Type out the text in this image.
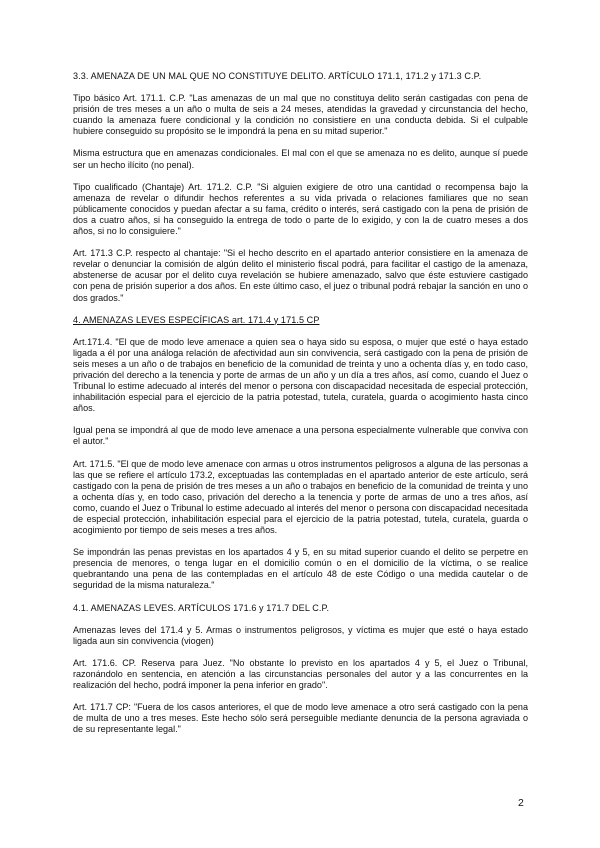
3.3. AMENAZA DE UN MAL QUE NO CONSTITUYE DELITO. ARTÍCULO 171.1, 171.2 y 171.3 C.P.

Tipo básico Art. 171.1. C.P. "Las amenazas de un mal que no constituya delito serán castigadas con pena de prisión de tres meses a un año o multa de seis a 24 meses, atendidas la gravedad y circunstancia del hecho, cuando la amenaza fuere condicional y la condición no consistiere en una conducta debida. Si el culpable hubiere conseguido su propósito se le impondrá la pena en su mitad superior."

Misma estructura que en amenazas condicionales. El mal con el que se amenaza no es delito, aunque sí puede ser un hecho ilícito (no penal).

Tipo cualificado (Chantaje) Art. 171.2. C.P. "Si alguien exigiere de otro una cantidad o recompensa bajo la amenaza de revelar o difundir hechos referentes a su vida privada o relaciones familiares que no sean públicamente conocidos y puedan afectar a su fama, crédito o interés, será castigado con la pena de prisión de dos a cuatro años, si ha conseguido la entrega de todo o parte de lo exigido, y con la de cuatro meses a dos años, si no lo consiguiere."

Art. 171.3 C.P. respecto al chantaje: "Si el hecho descrito en el apartado anterior consistiere en la amenaza de revelar o denunciar la comisión de algún delito el ministerio fiscal podrá, para facilitar el castigo de la amenaza, abstenerse de acusar por el delito cuya revelación se hubiere amenazado, salvo que éste estuviere castigado con pena de prisión superior a dos años. En este último caso, el juez o tribunal podrá rebajar la sanción en uno o dos grados."

4. AMENAZAS LEVES ESPECÍFICAS art. 171.4 y 171.5 CP

Art.171.4. "El que de modo leve amenace a quien sea o haya sido su esposa, o mujer que esté o haya estado ligada a él por una análoga relación de afectividad aun sin convivencia, será castigado con la pena de prisión de seis meses a un año o de trabajos en beneficio de la comunidad de treinta y uno a ochenta días y, en todo caso, privación del derecho a la tenencia y porte de armas de un año y un día a tres años, así como, cuando el Juez o Tribunal lo estime adecuado al interés del menor o persona con discapacidad necesitada de especial protección, inhabilitación especial para el ejercicio de la patria potestad, tutela, curatela, guarda o acogimiento hasta cinco años.

Igual pena se impondrá al que de modo leve amenace a una persona especialmente vulnerable que conviva con el autor."

Art. 171.5. "El que de modo leve amenace con armas u otros instrumentos peligrosos a alguna de las personas a las que se refiere el artículo 173.2, exceptuadas las contempladas en el apartado anterior de este artículo, será castigado con la pena de prisión de tres meses a un año o trabajos en beneficio de la comunidad de treinta y uno a ochenta días y, en todo caso, privación del derecho a la tenencia y porte de armas de uno a tres años, así como, cuando el Juez o Tribunal lo estime adecuado al interés del menor o persona con discapacidad necesitada de especial protección, inhabilitación especial para el ejercicio de la patria potestad, tutela, curatela, guarda o acogimiento por tiempo de seis meses a tres años.

Se impondrán las penas previstas en los apartados 4 y 5, en su mitad superior cuando el delito se perpetre en presencia de menores, o tenga lugar en el domicilio común o en el domicilio de la víctima, o se realice quebrantando una pena de las contempladas en el artículo 48 de este Código o una medida cautelar o de seguridad de la misma naturaleza."

4.1. AMENAZAS LEVES. ARTÍCULOS 171.6 y 171.7 DEL C.P.

Amenazas leves del 171.4 y 5. Armas o instrumentos peligrosos, y víctima es mujer que esté o haya estado ligada aun sin convivencia (viogen)

Art. 171.6. CP. Reserva para Juez. "No obstante lo previsto en los apartados 4 y 5, el Juez o Tribunal, razonándolo en sentencia, en atención a las circunstancias personales del autor y a las concurrentes en la realización del hecho, podrá imponer la pena inferior en grado".

Art. 171.7 CP: "Fuera de los casos anteriores, el que de modo leve amenace a otro será castigado con la pena de multa de uno a tres meses. Este hecho sólo será perseguible mediante denuncia de la persona agraviada o de su representante legal."

2
